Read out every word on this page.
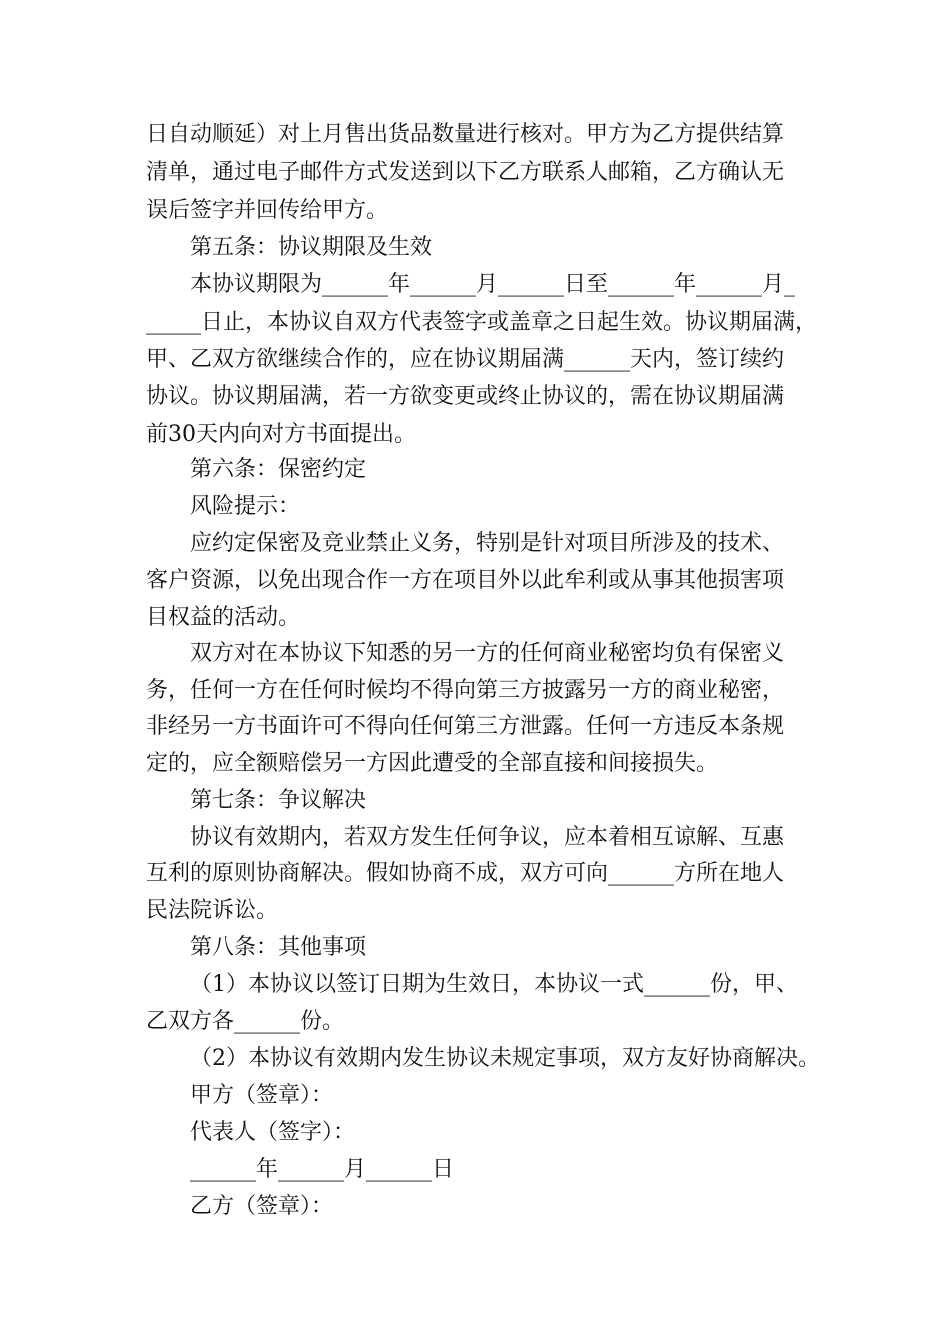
日自动顺延）对上月售出货品数量进行核对。甲方为乙方提供结算
清单，通过电子邮件方式发送到以下乙方联系人邮箱，乙方确认无
误后签字并回传给甲方。
第五条：协议期限及生效
本协议期限为______年______月______日至______年______月_
_____日止，本协议自双方代表签字或盖章之日起生效。协议期届满，
甲、乙双方欲继续合作的，应在协议期届满______天内，签订续约
协议。协议期届满，若一方欲变更或终止协议的，需在协议期届满
前30天内向对方书面提出。
第六条：保密约定
风险提示：
应约定保密及竞业禁止义务，特别是针对项目所涉及的技术、
客户资源，以免出现合作一方在项目外以此牟利或从事其他损害项
目权益的活动。
双方对在本协议下知悉的另一方的任何商业秘密均负有保密义
务，任何一方在任何时候均不得向第三方披露另一方的商业秘密，
非经另一方书面许可不得向任何第三方泄露。任何一方违反本条规
定的，应全额赔偿另一方因此遭受的全部直接和间接损失。
第七条：争议解决
协议有效期内，若双方发生任何争议，应本着相互谅解、互惠
互利的原则协商解决。假如协商不成，双方可向______方所在地人
民法院诉讼。
第八条：其他事项
（1）本协议以签订日期为生效日，本协议一式______份，甲、
乙双方各______份。
（2）本协议有效期内发生协议未规定事项，双方友好协商解决。
甲方（签章）：
代表人（签字）：
______年______月______日
乙方（签章）：
